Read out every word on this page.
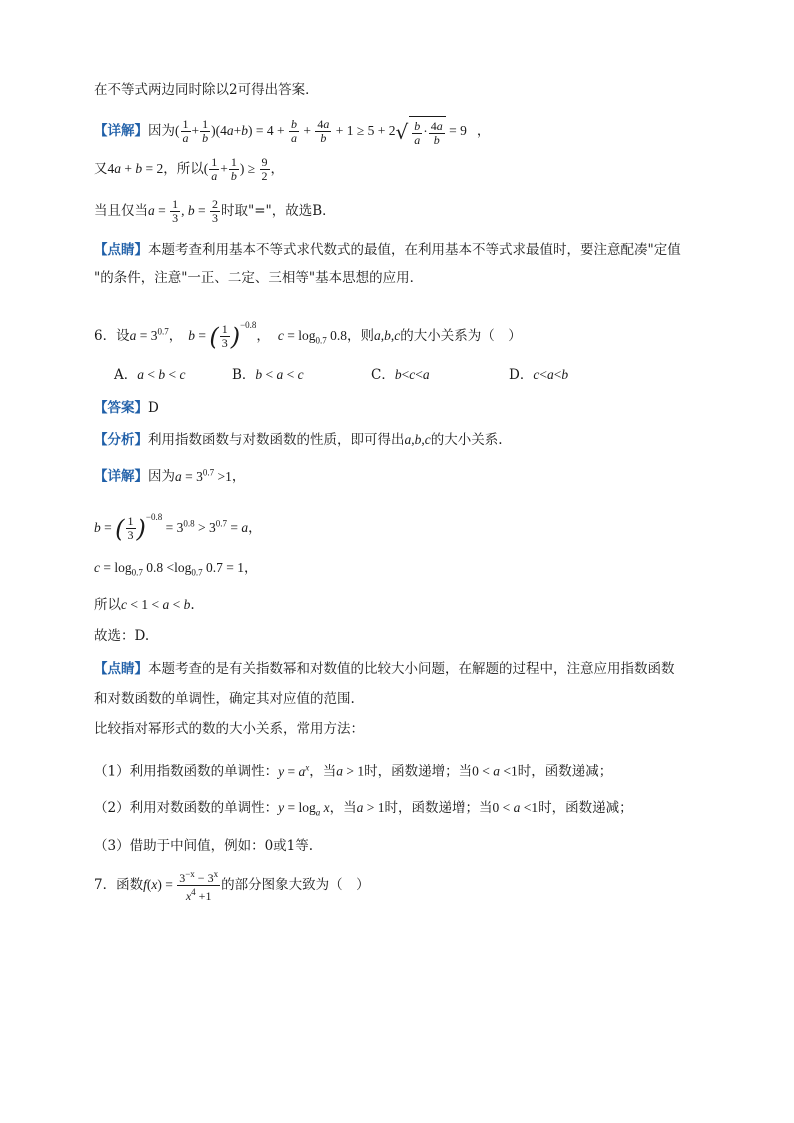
在不等式两边同时除以2可得出答案．
【详解】因为( $\frac{1}{a} + \frac{1}{b} )(4a+b) = 4 + \frac{b}{a} + \frac{4a}{b} + 1 \ge 5 + 2√ \frac{b}{a} \cdot \frac{4a}{b} = 9$ ，
又4a + b = 2，所以( $\frac{1}{a} + \frac{1}{b}$ ) ≥ $\frac{9}{2}$ ，
当且仅当$a = \frac{1}{3}$ , $b = \frac{2}{3}$ 时取"="，故选B．
【点睛】本题考查利用基本不等式求代数式的最值，在利用基本不等式求最值时，要注意配凑"定值
"的条件，注意"一正、二定、三相等"基本思想的应用．
6．设$a = 3^{0.7}$， b = ( $\frac{1}{3} )^{-0.8}$， $c = \log_{0.7} 0.8$，则a,b,c的大小关系为（　）
A．a < b < c	B．b < a < c	C．b<c<a	D．c<a<b
【答案】D
【分析】利用指数函数与对数函数的性质，即可得出a,b,c的大小关系.
【详解】因为$a = 3^{0.7} >1$，
b = ( $\frac{1}{3} )^{-0.8} = 3^{0.8} > 3^{0.7} = a$，
$c = \log_{0.7} 0.8 <\log_{0.7}$ 0.7 = 1，
所以c < 1 < a < b.
故选：D.
【点睛】本题考查的是有关指数幂和对数值的比较大小问题，在解题的过程中，注意应用指数函数
和对数函数的单调性，确定其对应值的范围.
比较指对幂形式的数的大小关系，常用方法：
（1）利用指数函数的单调性：$y = a^x$，当a > 1时，函数递增；当0 < a <1时，函数递减；
（2）利用对数函数的单调性：$y = \log_a x$，当a > 1时，函数递增；当0 < a <1时，函数递减；
（3）借助于中间值，例如：0或1等.
7．函数$f(x) = \frac{3^{-x} - 3^x}{x^4 +1}$ 的部分图象大致为（　）
